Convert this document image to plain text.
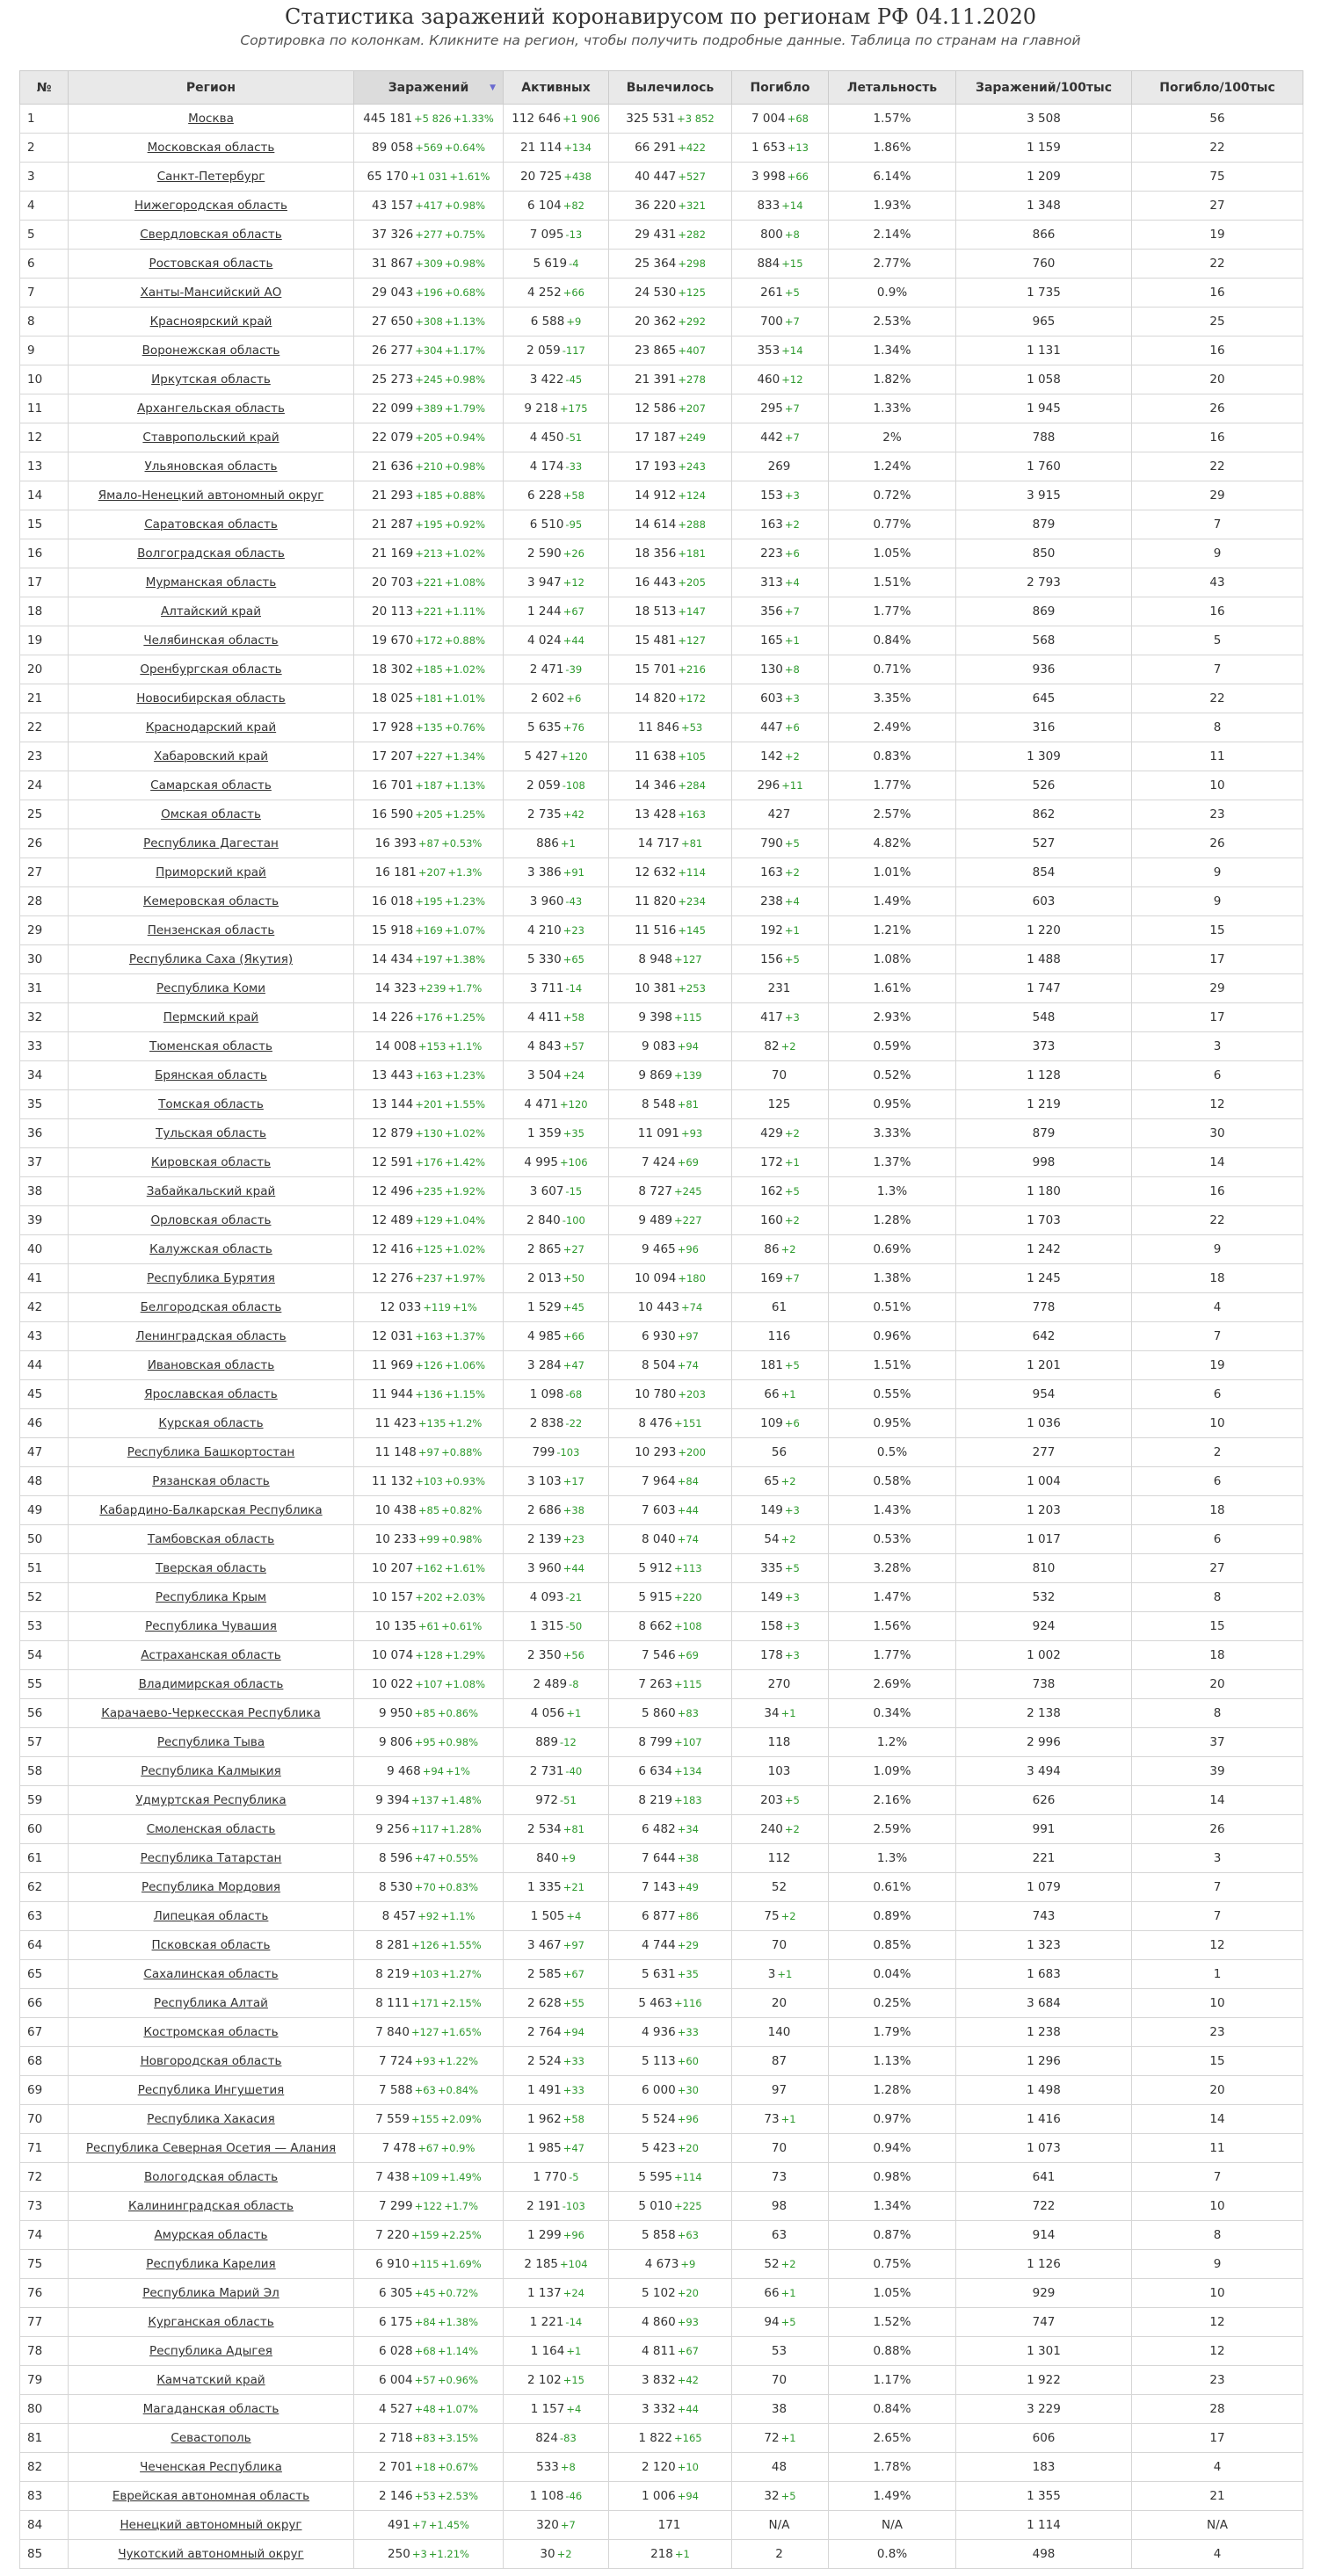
Статистика заражений коронавирусом по регионам РФ 04.11.2020
Сортировка по колонкам. Кликните на регион, чтобы получить подробные данные. Таблица по странам на главной
№	Регион	Заражений ▼	Активных	Вылечилось	Погибло	Летальность	Заражений/100тыс	Погибло/100тыс
1	Москва	445 181 +5 826 +1.33%	112 646 +1 906	325 531 +3 852	7 004 +68	1.57%	3 508	56
2	Московская область	89 058 +569 +0.64%	21 114 +134	66 291 +422	1 653 +13	1.86%	1 159	22
3	Санкт-Петербург	65 170 +1 031 +1.61%	20 725 +438	40 447 +527	3 998 +66	6.14%	1 209	75
4	Нижегородская область	43 157 +417 +0.98%	6 104 +82	36 220 +321	833 +14	1.93%	1 348	27
5	Свердловская область	37 326 +277 +0.75%	7 095 -13	29 431 +282	800 +8	2.14%	866	19
6	Ростовская область	31 867 +309 +0.98%	5 619 -4	25 364 +298	884 +15	2.77%	760	22
7	Ханты-Мансийский АО	29 043 +196 +0.68%	4 252 +66	24 530 +125	261 +5	0.9%	1 735	16
8	Красноярский край	27 650 +308 +1.13%	6 588 +9	20 362 +292	700 +7	2.53%	965	25
9	Воронежская область	26 277 +304 +1.17%	2 059 -117	23 865 +407	353 +14	1.34%	1 131	16
10	Иркутская область	25 273 +245 +0.98%	3 422 -45	21 391 +278	460 +12	1.82%	1 058	20
11	Архангельская область	22 099 +389 +1.79%	9 218 +175	12 586 +207	295 +7	1.33%	1 945	26
12	Ставропольский край	22 079 +205 +0.94%	4 450 -51	17 187 +249	442 +7	2%	788	16
13	Ульяновская область	21 636 +210 +0.98%	4 174 -33	17 193 +243	269	1.24%	1 760	22
14	Ямало-Ненецкий автономный округ	21 293 +185 +0.88%	6 228 +58	14 912 +124	153 +3	0.72%	3 915	29
15	Саратовская область	21 287 +195 +0.92%	6 510 -95	14 614 +288	163 +2	0.77%	879	7
16	Волгоградская область	21 169 +213 +1.02%	2 590 +26	18 356 +181	223 +6	1.05%	850	9
17	Мурманская область	20 703 +221 +1.08%	3 947 +12	16 443 +205	313 +4	1.51%	2 793	43
18	Алтайский край	20 113 +221 +1.11%	1 244 +67	18 513 +147	356 +7	1.77%	869	16
19	Челябинская область	19 670 +172 +0.88%	4 024 +44	15 481 +127	165 +1	0.84%	568	5
20	Оренбургская область	18 302 +185 +1.02%	2 471 -39	15 701 +216	130 +8	0.71%	936	7
21	Новосибирская область	18 025 +181 +1.01%	2 602 +6	14 820 +172	603 +3	3.35%	645	22
22	Краснодарский край	17 928 +135 +0.76%	5 635 +76	11 846 +53	447 +6	2.49%	316	8
23	Хабаровский край	17 207 +227 +1.34%	5 427 +120	11 638 +105	142 +2	0.83%	1 309	11
24	Самарская область	16 701 +187 +1.13%	2 059 -108	14 346 +284	296 +11	1.77%	526	10
25	Омская область	16 590 +205 +1.25%	2 735 +42	13 428 +163	427	2.57%	862	23
26	Республика Дагестан	16 393 +87 +0.53%	886 +1	14 717 +81	790 +5	4.82%	527	26
27	Приморский край	16 181 +207 +1.3%	3 386 +91	12 632 +114	163 +2	1.01%	854	9
28	Кемеровская область	16 018 +195 +1.23%	3 960 -43	11 820 +234	238 +4	1.49%	603	9
29	Пензенская область	15 918 +169 +1.07%	4 210 +23	11 516 +145	192 +1	1.21%	1 220	15
30	Республика Саха (Якутия)	14 434 +197 +1.38%	5 330 +65	8 948 +127	156 +5	1.08%	1 488	17
31	Республика Коми	14 323 +239 +1.7%	3 711 -14	10 381 +253	231	1.61%	1 747	29
32	Пермский край	14 226 +176 +1.25%	4 411 +58	9 398 +115	417 +3	2.93%	548	17
33	Тюменская область	14 008 +153 +1.1%	4 843 +57	9 083 +94	82 +2	0.59%	373	3
34	Брянская область	13 443 +163 +1.23%	3 504 +24	9 869 +139	70	0.52%	1 128	6
35	Томская область	13 144 +201 +1.55%	4 471 +120	8 548 +81	125	0.95%	1 219	12
36	Тульская область	12 879 +130 +1.02%	1 359 +35	11 091 +93	429 +2	3.33%	879	30
37	Кировская область	12 591 +176 +1.42%	4 995 +106	7 424 +69	172 +1	1.37%	998	14
38	Забайкальский край	12 496 +235 +1.92%	3 607 -15	8 727 +245	162 +5	1.3%	1 180	16
39	Орловская область	12 489 +129 +1.04%	2 840 -100	9 489 +227	160 +2	1.28%	1 703	22
40	Калужская область	12 416 +125 +1.02%	2 865 +27	9 465 +96	86 +2	0.69%	1 242	9
41	Республика Бурятия	12 276 +237 +1.97%	2 013 +50	10 094 +180	169 +7	1.38%	1 245	18
42	Белгородская область	12 033 +119 +1%	1 529 +45	10 443 +74	61	0.51%	778	4
43	Ленинградская область	12 031 +163 +1.37%	4 985 +66	6 930 +97	116	0.96%	642	7
44	Ивановская область	11 969 +126 +1.06%	3 284 +47	8 504 +74	181 +5	1.51%	1 201	19
45	Ярославская область	11 944 +136 +1.15%	1 098 -68	10 780 +203	66 +1	0.55%	954	6
46	Курская область	11 423 +135 +1.2%	2 838 -22	8 476 +151	109 +6	0.95%	1 036	10
47	Республика Башкортостан	11 148 +97 +0.88%	799 -103	10 293 +200	56	0.5%	277	2
48	Рязанская область	11 132 +103 +0.93%	3 103 +17	7 964 +84	65 +2	0.58%	1 004	6
49	Кабардино-Балкарская Республика	10 438 +85 +0.82%	2 686 +38	7 603 +44	149 +3	1.43%	1 203	18
50	Тамбовская область	10 233 +99 +0.98%	2 139 +23	8 040 +74	54 +2	0.53%	1 017	6
51	Тверская область	10 207 +162 +1.61%	3 960 +44	5 912 +113	335 +5	3.28%	810	27
52	Республика Крым	10 157 +202 +2.03%	4 093 -21	5 915 +220	149 +3	1.47%	532	8
53	Республика Чувашия	10 135 +61 +0.61%	1 315 -50	8 662 +108	158 +3	1.56%	924	15
54	Астраханская область	10 074 +128 +1.29%	2 350 +56	7 546 +69	178 +3	1.77%	1 002	18
55	Владимирская область	10 022 +107 +1.08%	2 489 -8	7 263 +115	270	2.69%	738	20
56	Карачаево-Черкесская Республика	9 950 +85 +0.86%	4 056 +1	5 860 +83	34 +1	0.34%	2 138	8
57	Республика Тыва	9 806 +95 +0.98%	889 -12	8 799 +107	118	1.2%	2 996	37
58	Республика Калмыкия	9 468 +94 +1%	2 731 -40	6 634 +134	103	1.09%	3 494	39
59	Удмуртская Республика	9 394 +137 +1.48%	972 -51	8 219 +183	203 +5	2.16%	626	14
60	Смоленская область	9 256 +117 +1.28%	2 534 +81	6 482 +34	240 +2	2.59%	991	26
61	Республика Татарстан	8 596 +47 +0.55%	840 +9	7 644 +38	112	1.3%	221	3
62	Республика Мордовия	8 530 +70 +0.83%	1 335 +21	7 143 +49	52	0.61%	1 079	7
63	Липецкая область	8 457 +92 +1.1%	1 505 +4	6 877 +86	75 +2	0.89%	743	7
64	Псковская область	8 281 +126 +1.55%	3 467 +97	4 744 +29	70	0.85%	1 323	12
65	Сахалинская область	8 219 +103 +1.27%	2 585 +67	5 631 +35	3 +1	0.04%	1 683	1
66	Республика Алтай	8 111 +171 +2.15%	2 628 +55	5 463 +116	20	0.25%	3 684	10
67	Костромская область	7 840 +127 +1.65%	2 764 +94	4 936 +33	140	1.79%	1 238	23
68	Новгородская область	7 724 +93 +1.22%	2 524 +33	5 113 +60	87	1.13%	1 296	15
69	Республика Ингушетия	7 588 +63 +0.84%	1 491 +33	6 000 +30	97	1.28%	1 498	20
70	Республика Хакасия	7 559 +155 +2.09%	1 962 +58	5 524 +96	73 +1	0.97%	1 416	14
71	Республика Северная Осетия — Алания	7 478 +67 +0.9%	1 985 +47	5 423 +20	70	0.94%	1 073	11
72	Вологодская область	7 438 +109 +1.49%	1 770 -5	5 595 +114	73	0.98%	641	7
73	Калининградская область	7 299 +122 +1.7%	2 191 -103	5 010 +225	98	1.34%	722	10
74	Амурская область	7 220 +159 +2.25%	1 299 +96	5 858 +63	63	0.87%	914	8
75	Республика Карелия	6 910 +115 +1.69%	2 185 +104	4 673 +9	52 +2	0.75%	1 126	9
76	Республика Марий Эл	6 305 +45 +0.72%	1 137 +24	5 102 +20	66 +1	1.05%	929	10
77	Курганская область	6 175 +84 +1.38%	1 221 -14	4 860 +93	94 +5	1.52%	747	12
78	Республика Адыгея	6 028 +68 +1.14%	1 164 +1	4 811 +67	53	0.88%	1 301	12
79	Камчатский край	6 004 +57 +0.96%	2 102 +15	3 832 +42	70	1.17%	1 922	23
80	Магаданская область	4 527 +48 +1.07%	1 157 +4	3 332 +44	38	0.84%	3 229	28
81	Севастополь	2 718 +83 +3.15%	824 -83	1 822 +165	72 +1	2.65%	606	17
82	Чеченская Республика	2 701 +18 +0.67%	533 +8	2 120 +10	48	1.78%	183	4
83	Еврейская автономная область	2 146 +53 +2.53%	1 108 -46	1 006 +94	32 +5	1.49%	1 355	21
84	Ненецкий автономный округ	491 +7 +1.45%	320 +7	171	N/A	N/A	1 114	N/A
85	Чукотский автономный округ	250 +3 +1.21%	30 +2	218 +1	2	0.8%	498	4
